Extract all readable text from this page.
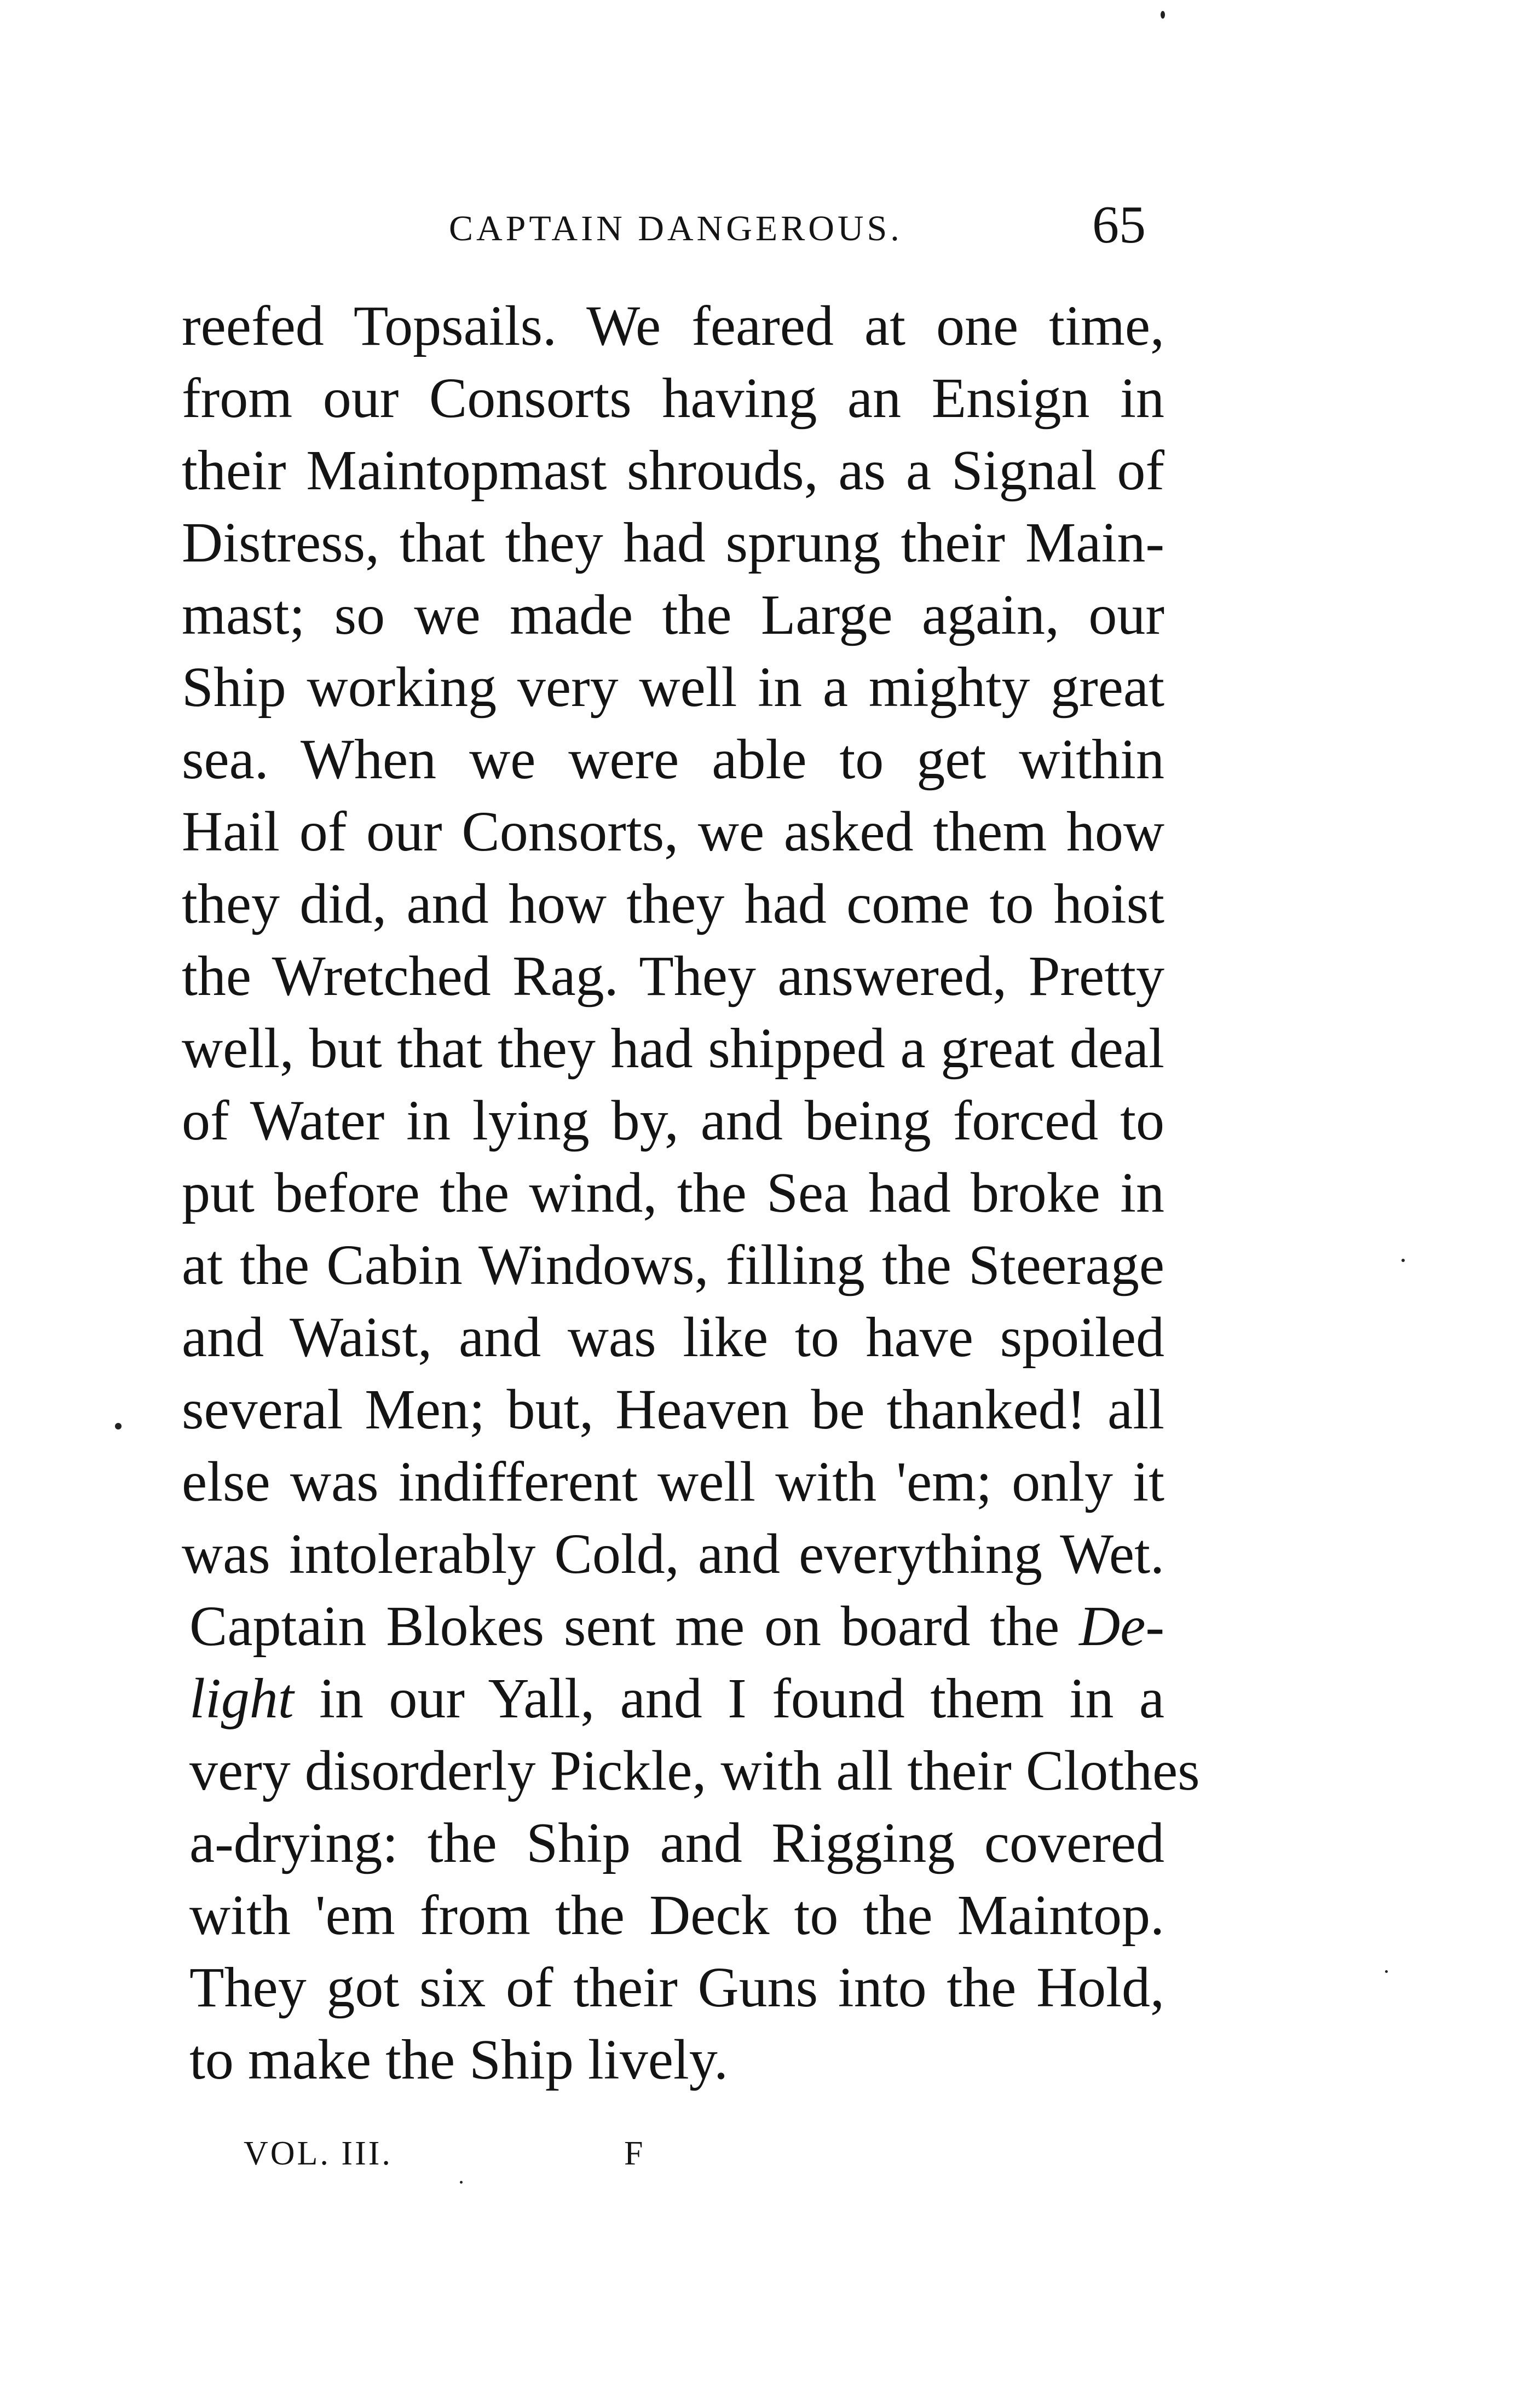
CAPTAIN DANGEROUS.	65
reefed Topsails. We feared at one time,
from our Consorts having an Ensign in
their Maintopmast shrouds, as a Signal of
Distress, that they had sprung their Main-
mast; so we made the Large again, our
Ship working very well in a mighty great
sea. When we were able to get within
Hail of our Consorts, we asked them how
they did, and how they had come to hoist
the Wretched Rag. They answered, Pretty
well, but that they had shipped a great deal
of Water in lying by, and being forced to
put before the wind, the Sea had broke in
at the Cabin Windows, filling the Steerage
and Waist, and was like to have spoiled
several Men; but, Heaven be thanked! all
else was indifferent well with 'em; only it
was intolerably Cold, and everything Wet.
Captain Blokes sent me on board the De-
light in our Yall, and I found them in a
very disorderly Pickle, with all their Clothes
a-drying: the Ship and Rigging covered
with 'em from the Deck to the Maintop.
They got six of their Guns into the Hold,
to make the Ship lively.
VOL. III.	F
